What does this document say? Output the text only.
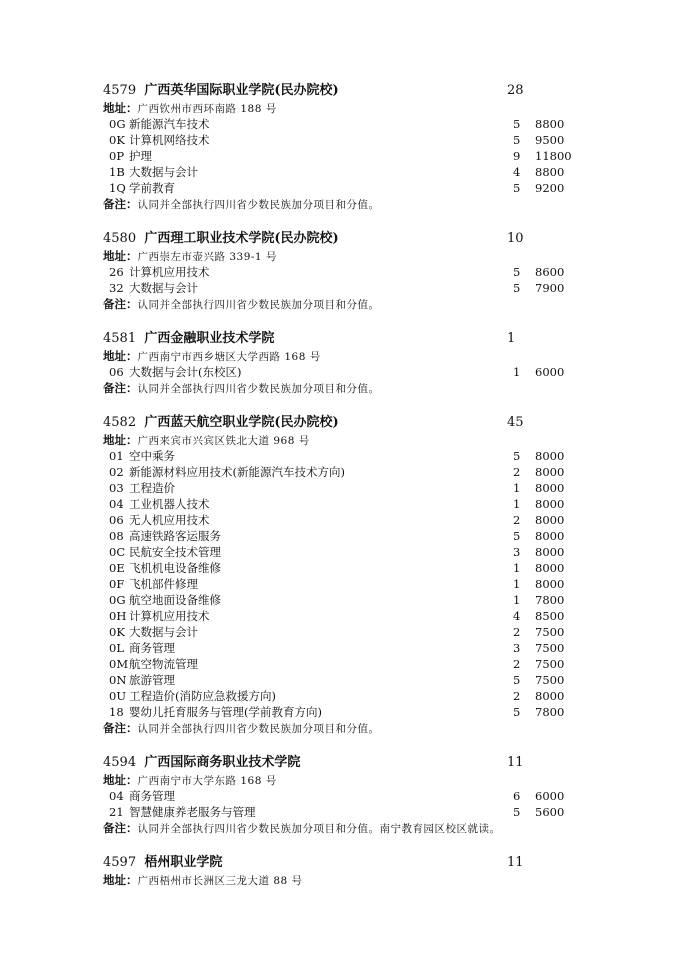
4579 广西英华国际职业学院(民办院校)	28
地址：广西钦州市西环南路 188 号
0G 新能源汽车技术	5 8800
0K 计算机网络技术	5 9500
0P 护理	9 11800
1B 大数据与会计	4 8800
1Q 学前教育	5 9200
备注：认同并全部执行四川省少数民族加分项目和分值。
4580 广西理工职业技术学院(民办院校)	10
地址：广西崇左市壶兴路 339-1 号
26 计算机应用技术	5 8600
32 大数据与会计	5 7900
备注：认同并全部执行四川省少数民族加分项目和分值。
4581 广西金融职业技术学院	1
地址：广西南宁市西乡塘区大学西路 168 号
06 大数据与会计(东校区)	1 6000
备注：认同并全部执行四川省少数民族加分项目和分值。
4582 广西蓝天航空职业学院(民办院校)	45
地址：广西来宾市兴宾区铁北大道 968 号
01 空中乘务	5 8000
02 新能源材料应用技术(新能源汽车技术方向)	2 8000
03 工程造价	1 8000
04 工业机器人技术	1 8000
06 无人机应用技术	2 8000
08 高速铁路客运服务	5 8000
0C 民航安全技术管理	3 8000
0E 飞机机电设备维修	1 8000
0F 飞机部件修理	1 8000
0G 航空地面设备维修	1 7800
0H 计算机应用技术	4 8500
0K 大数据与会计	2 7500
0L 商务管理	3 7500
0M 航空物流管理	2 7500
0N 旅游管理	5 7500
0U 工程造价(消防应急救援方向)	2 8000
18 婴幼儿托育服务与管理(学前教育方向)	5 7800
备注：认同并全部执行四川省少数民族加分项目和分值。
4594 广西国际商务职业技术学院	11
地址：广西南宁市大学东路 168 号
04 商务管理	6 6000
21 智慧健康养老服务与管理	5 5600
备注：认同并全部执行四川省少数民族加分项目和分值。南宁教育园区校区就读。
4597 梧州职业学院	11
地址：广西梧州市长洲区三龙大道 88 号
